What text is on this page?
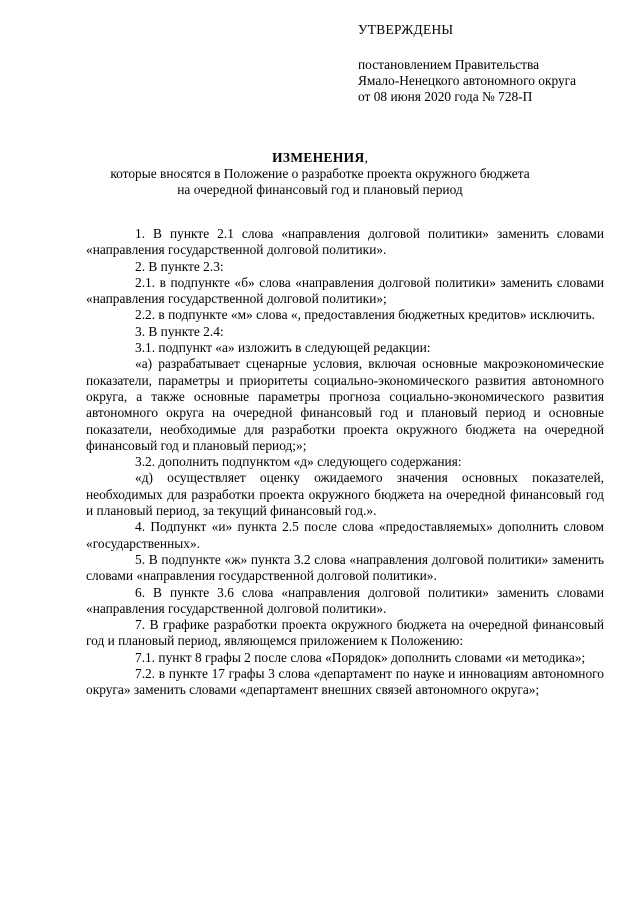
УТВЕРЖДЕНЫ
постановлением Правительства
Ямало-Ненецкого автономного округа
от 08 июня 2020 года № 728-П
ИЗМЕНЕНИЯ,
которые вносятся в Положение о разработке проекта окружного бюджета
на очередной финансовый год и плановый период

1. В пункте 2.1 слова «направления долговой политики» заменить словами «направления государственной долговой политики».

2. В пункте 2.3:

2.1. в подпункте «б» слова «направления долговой политики» заменить словами «направления государственной долговой политики»;

2.2. в подпункте «м» слова «, предоставления бюджетных кредитов» исключить.

3. В пункте 2.4:

3.1. подпункт «а» изложить в следующей редакции:

«а) разрабатывает сценарные условия, включая основные макроэкономические показатели, параметры и приоритеты социально-экономического развития автономного округа, а также основные параметры прогноза социально-экономического развития автономного округа на очередной финансовый год и плановый период и основные показатели, необходимые для разработки проекта окружного бюджета на очередной финансовый год и плановый период;»;

3.2. дополнить подпунктом «д» следующего содержания:

«д) осуществляет оценку ожидаемого значения основных показателей, необходимых для разработки проекта окружного бюджета на очередной финансовый год и плановый период, за текущий финансовый год.».

4. Подпункт «и» пункта 2.5 после слова «предоставляемых» дополнить словом «государственных».

5. В подпункте «ж» пункта 3.2 слова «направления долговой политики» заменить словами «направления государственной долговой политики».

6. В пункте 3.6 слова «направления долговой политики» заменить словами «направления государственной долговой политики».

7. В графике разработки проекта окружного бюджета на очередной финансовый год и плановый период, являющемся приложением к Положению:

7.1. пункт 8 графы 2 после слова «Порядок» дополнить словами «и методика»;

7.2. в пункте 17 графы 3 слова «департамент по науке и инновациям автономного округа» заменить словами «департамент внешних связей автономного округа»;
